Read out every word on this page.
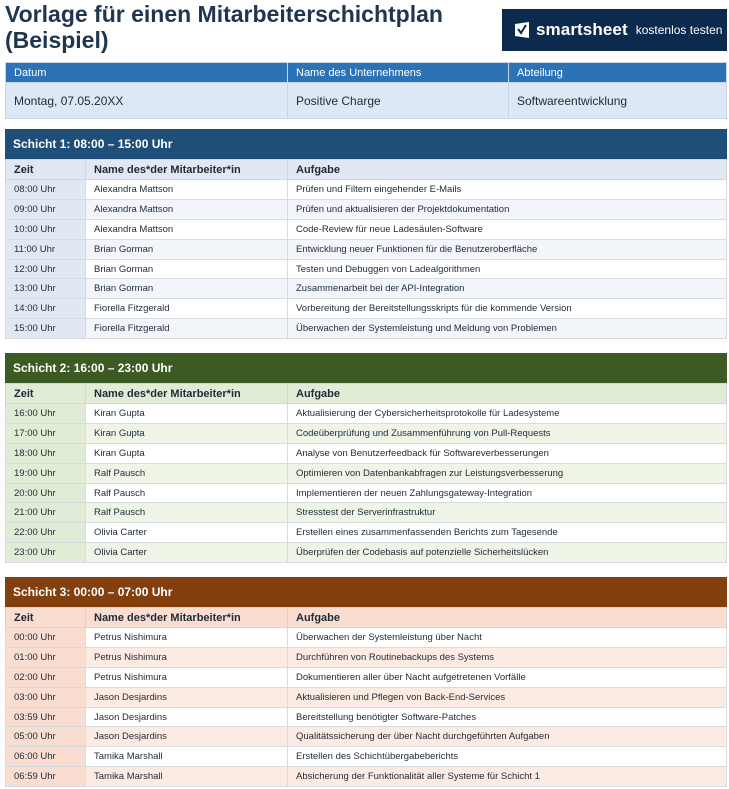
Vorlage für einen Mitarbeiterschichtplan (Beispiel)	smartsheet kostenlos testen
Datum	Name des Unternehmens	Abteilung
Montag, 07.05.20XX	Positive Charge	Softwareentwicklung
Schicht 1: 08:00 – 15:00 Uhr
Zeit	Name des*der Mitarbeiter*in	Aufgabe
08:00 Uhr	Alexandra Mattson	Prüfen und Filtern eingehender E-Mails
09:00 Uhr	Alexandra Mattson	Prüfen und aktualisieren der Projektdokumentation
10:00 Uhr	Alexandra Mattson	Code-Review für neue Ladesäulen-Software
11:00 Uhr	Brian Gorman	Entwicklung neuer Funktionen für die Benutzeroberfläche
12:00 Uhr	Brian Gorman	Testen und Debuggen von Ladealgorithmen
13:00 Uhr	Brian Gorman	Zusammenarbeit bei der API-Integration
14:00 Uhr	Fiorella Fitzgerald	Vorbereitung der Bereitstellungsskripts für die kommende Version
15:00 Uhr	Fiorella Fitzgerald	Überwachen der Systemleistung und Meldung von Problemen
Schicht 2: 16:00 – 23:00 Uhr
Zeit	Name des*der Mitarbeiter*in	Aufgabe
16:00 Uhr	Kiran Gupta	Aktualisierung der Cybersicherheitsprotokolle für Ladesysteme
17:00 Uhr	Kiran Gupta	Codeüberprüfung und Zusammenführung von Pull-Requests
18:00 Uhr	Kiran Gupta	Analyse von Benutzerfeedback für Softwareverbesserungen
19:00 Uhr	Ralf Pausch	Optimieren von Datenbankabfragen zur Leistungsverbesserung
20:00 Uhr	Ralf Pausch	Implementieren der neuen Zahlungsgateway-Integration
21:00 Uhr	Ralf Pausch	Stresstest der Serverinfrastruktur
22:00 Uhr	Olivia Carter	Erstellen eines zusammenfassenden Berichts zum Tagesende
23:00 Uhr	Olivia Carter	Überprüfen der Codebasis auf potenzielle Sicherheitslücken
Schicht 3: 00:00 – 07:00 Uhr
Zeit	Name des*der Mitarbeiter*in	Aufgabe
00:00 Uhr	Petrus Nishimura	Überwachen der Systemleistung über Nacht
01:00 Uhr	Petrus Nishimura	Durchführen von Routinebackups des Systems
02:00 Uhr	Petrus Nishimura	Dokumentieren aller über Nacht aufgetretenen Vorfälle
03:00 Uhr	Jason Desjardins	Aktualisieren und Pflegen von Back-End-Services
03:59 Uhr	Jason Desjardins	Bereitstellung benötigter Software-Patches
05:00 Uhr	Jason Desjardins	Qualitätssicherung der über Nacht durchgeführten Aufgaben
06:00 Uhr	Tamika Marshall	Erstellen des Schichtübergabeberichts
06:59 Uhr	Tamika Marshall	Absicherung der Funktionalität aller Systeme für Schicht 1
